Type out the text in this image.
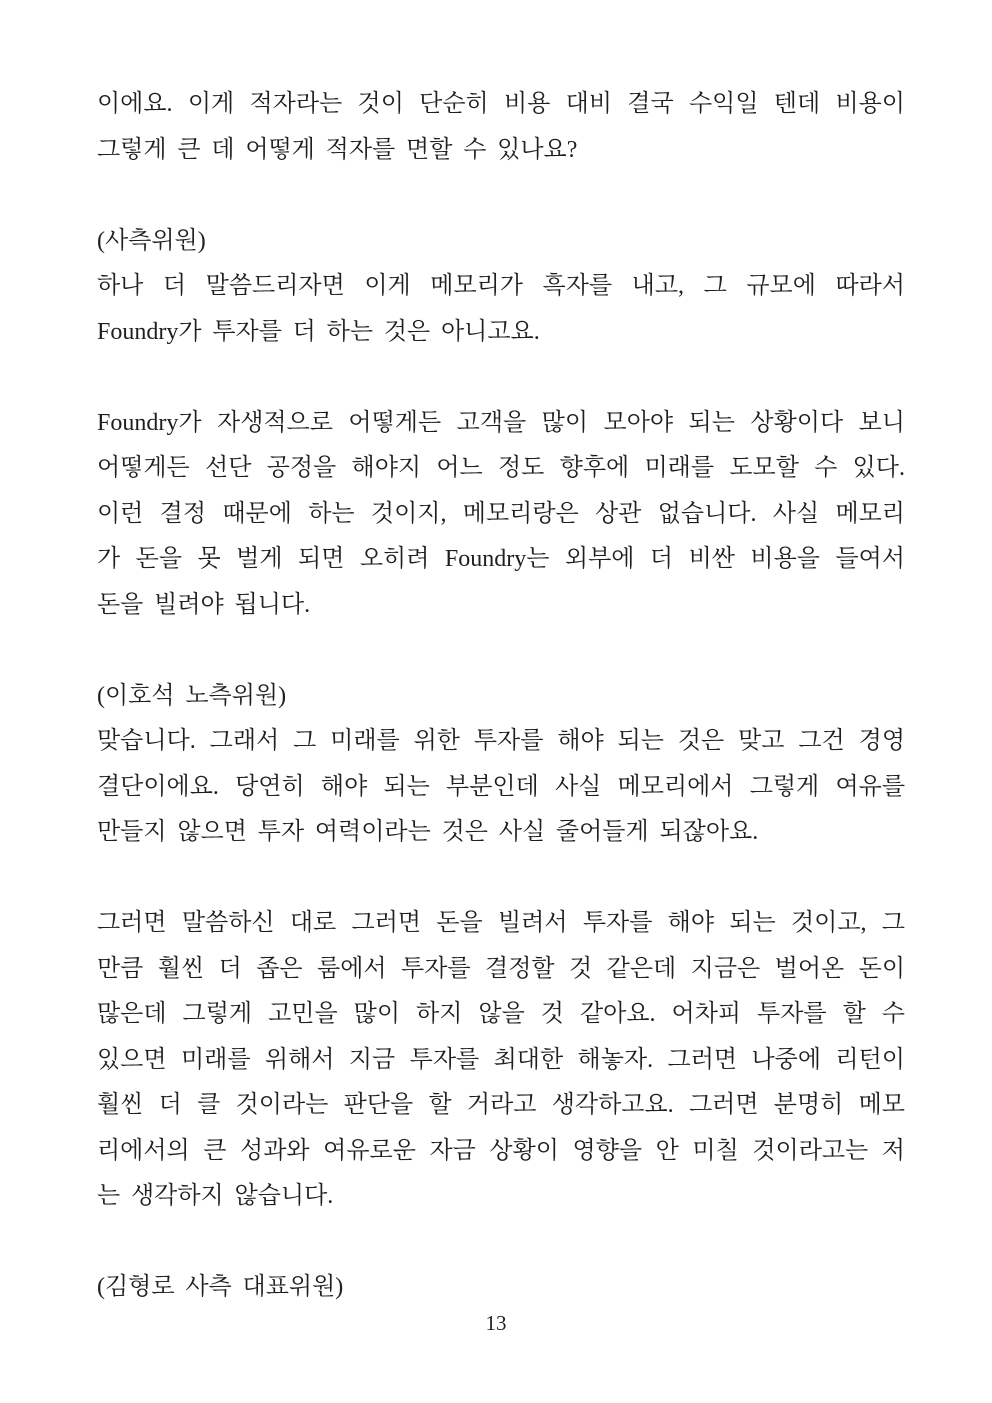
이에요. 이게 적자라는 것이 단순히 비용 대비 결국 수익일 텐데 비용이
그렇게 큰 데 어떻게 적자를 면할 수 있나요?
(사측위원)
하나 더 말씀드리자면 이게 메모리가 흑자를 내고, 그 규모에 따라서
Foundry가 투자를 더 하는 것은 아니고요.
Foundry가 자생적으로 어떻게든 고객을 많이 모아야 되는 상황이다 보니
어떻게든 선단 공정을 해야지 어느 정도 향후에 미래를 도모할 수 있다.
이런 결정 때문에 하는 것이지, 메모리랑은 상관 없습니다. 사실 메모리
가 돈을 못 벌게 되면 오히려 Foundry는 외부에 더 비싼 비용을 들여서
돈을 빌려야 됩니다.
(이호석 노측위원)
맞습니다. 그래서 그 미래를 위한 투자를 해야 되는 것은 맞고 그건 경영
결단이에요. 당연히 해야 되는 부분인데 사실 메모리에서 그렇게 여유를
만들지 않으면 투자 여력이라는 것은 사실 줄어들게 되잖아요.
그러면 말씀하신 대로 그러면 돈을 빌려서 투자를 해야 되는 것이고, 그
만큼 훨씬 더 좁은 룸에서 투자를 결정할 것 같은데 지금은 벌어온 돈이
많은데 그렇게 고민을 많이 하지 않을 것 같아요. 어차피 투자를 할 수
있으면 미래를 위해서 지금 투자를 최대한 해놓자. 그러면 나중에 리턴이
훨씬 더 클 것이라는 판단을 할 거라고 생각하고요. 그러면 분명히 메모
리에서의 큰 성과와 여유로운 자금 상황이 영향을 안 미칠 것이라고는 저
는 생각하지 않습니다.
(김형로 사측 대표위원)
13
